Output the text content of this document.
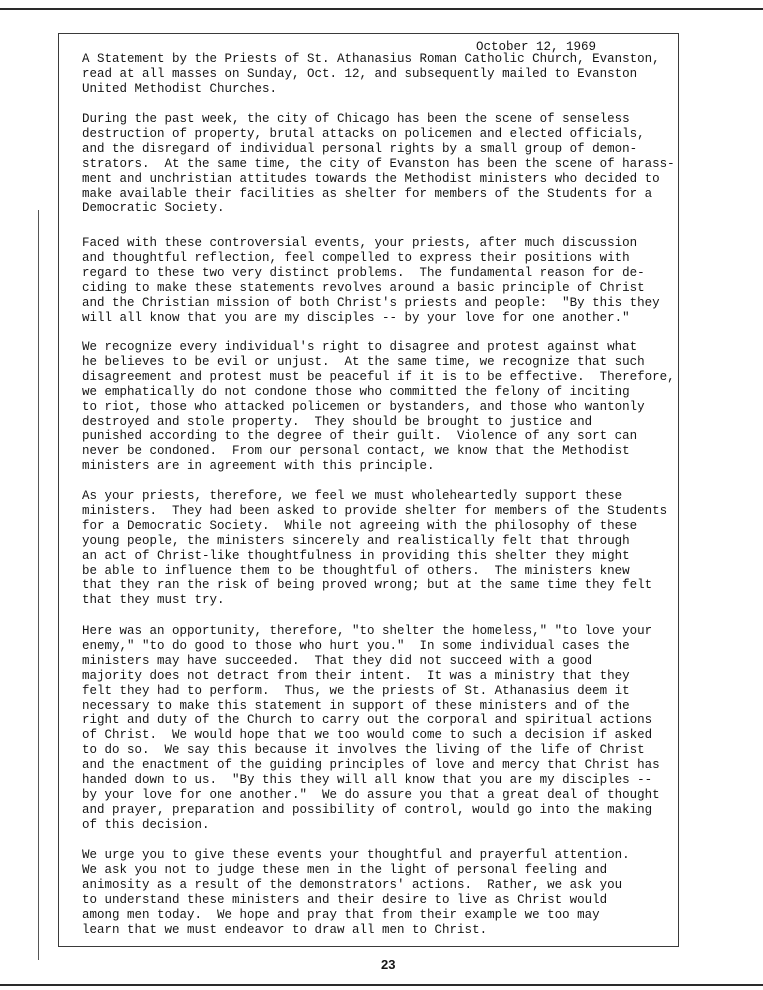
October 12, 1969
A Statement by the Priests of St. Athanasius Roman Catholic Church, Evanston,
read at all masses on Sunday, Oct. 12, and subsequently mailed to Evanston
United Methodist Churches.
During the past week, the city of Chicago has been the scene of senseless
destruction of property, brutal attacks on policemen and elected officials,
and the disregard of individual personal rights by a small group of demon-
strators.  At the same time, the city of Evanston has been the scene of harass-
ment and unchristian attitudes towards the Methodist ministers who decided to
make available their facilities as shelter for members of the Students for a
Democratic Society.
Faced with these controversial events, your priests, after much discussion
and thoughtful reflection, feel compelled to express their positions with
regard to these two very distinct problems.  The fundamental reason for de-
ciding to make these statements revolves around a basic principle of Christ
and the Christian mission of both Christ's priests and people:  "By this they
will all know that you are my disciples -- by your love for one another."
We recognize every individual's right to disagree and protest against what
he believes to be evil or unjust.  At the same time, we recognize that such
disagreement and protest must be peaceful if it is to be effective.  Therefore,
we emphatically do not condone those who committed the felony of inciting
to riot, those who attacked policemen or bystanders, and those who wantonly
destroyed and stole property.  They should be brought to justice and
punished according to the degree of their guilt.  Violence of any sort can
never be condoned.  From our personal contact, we know that the Methodist
ministers are in agreement with this principle.
As your priests, therefore, we feel we must wholeheartedly support these
ministers.  They had been asked to provide shelter for members of the Students
for a Democratic Society.  While not agreeing with the philosophy of these
young people, the ministers sincerely and realistically felt that through
an act of Christ-like thoughtfulness in providing this shelter they might
be able to influence them to be thoughtful of others.  The ministers knew
that they ran the risk of being proved wrong; but at the same time they felt
that they must try.
Here was an opportunity, therefore, "to shelter the homeless," "to love your
enemy," "to do good to those who hurt you."  In some individual cases the
ministers may have succeeded.  That they did not succeed with a good
majority does not detract from their intent.  It was a ministry that they
felt they had to perform.  Thus, we the priests of St. Athanasius deem it
necessary to make this statement in support of these ministers and of the
right and duty of the Church to carry out the corporal and spiritual actions
of Christ.  We would hope that we too would come to such a decision if asked
to do so.  We say this because it involves the living of the life of Christ
and the enactment of the guiding principles of love and mercy that Christ has
handed down to us.  "By this they will all know that you are my disciples --
by your love for one another."  We do assure you that a great deal of thought
and prayer, preparation and possibility of control, would go into the making
of this decision.
We urge you to give these events your thoughtful and prayerful attention.
We ask you not to judge these men in the light of personal feeling and
animosity as a result of the demonstrators' actions.  Rather, we ask you
to understand these ministers and their desire to live as Christ would
among men today.  We hope and pray that from their example we too may
learn that we must endeavor to draw all men to Christ.
23
